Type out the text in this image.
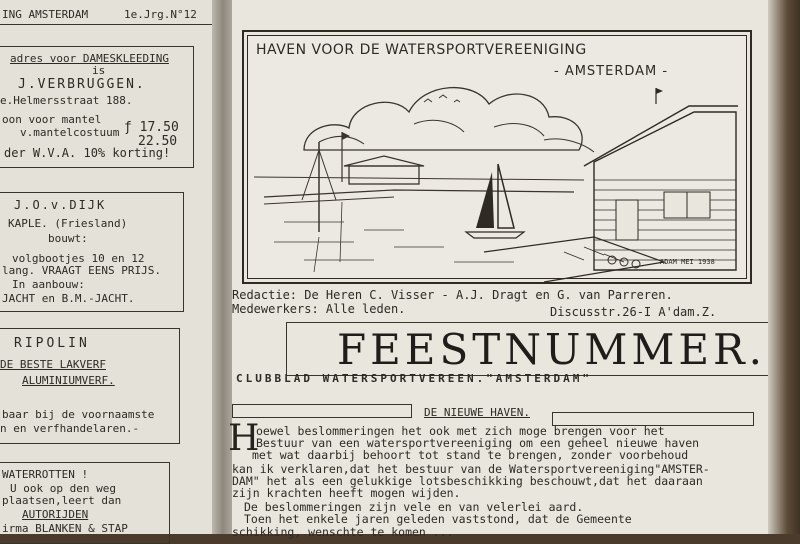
ING AMSTERDAM	1e.Jrg.N°12
adres voor DAMESKLEEDING
is
J.VERBRUGGEN.
e.Helmersstraat 188.
oon voor mantel
v.mantelcostuum ƒ 17.50
22.50
der W.V.A. 10% korting!
J.O.v.DIJK
KAPLE. (Friesland)
bouwt:
volgbootjes 10 en 12
lang. VRAAGT EENS PRIJS.
In aanbouw:
JACHT en B.M.-JACHT.
RIPOLIN
DE BESTE LAKVERF
ALUMINIUMVERF.
baar bij de voornaamste
n en verfhandelaren.-
WATERROTTEN !
U ook op den weg
plaatsen,leert dan
AUTORIJDEN
irma BLANKEN & STAP
HAVEN VOOR DE WATERSPORTVEREENIGING
- AMSTERDAM -
ADAM MEI 1938
Redactie: De Heren C. Visser - A.J. Dragt en G. van Parreren.
Medewerkers: Alle leden.	Discusstr.26-I A'dam.Z.
FEESTNUMMER.
CLUBBLAD WATERSPORTVEREEN."AMSTERDAM"
DE NIEUWE HAVEN.
H
oewel beslommeringen het ook met zich moge brengen voor het
Bestuur van een watersportvereeniging om een geheel nieuwe haven
met wat daarbij behoort tot stand te brengen, zonder voorbehoud
kan ik verklaren,dat het bestuur van de Watersportvereeniging"AMSTER-
DAM" het als een gelukkige lotsbeschikking beschouwt,dat het daaraan
zijn krachten heeft mogen wijden.
De beslommeringen zijn vele en van velerlei aard.
Toen het enkele jaren geleden vaststond, dat de Gemeente
schikking, wenschte te komen ...
